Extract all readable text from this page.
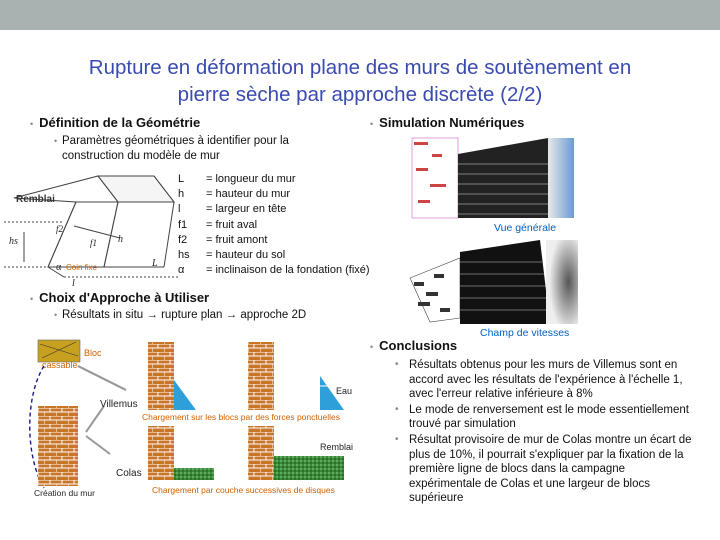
Rupture en déformation plane des murs de soutènement en
pierre sèche par approche discrète (2/2)
• Définition de la Géométrie
• Paramètres géométriques à identifier pour la
construction du modèle de mur
Remblai
hs
f2
f1 h
L
l
α Coin fixe
L = longueur du mur
h = hauteur du mur
l = largeur en tête
f1 = fruit aval
f2 = fruit amont
hs = hauteur du sol
α = inclinaison de la fondation (fixé)
• Choix d'Approche à Utiliser
• Résultats in situ → rupture plan → approche 2D
Bloc
cassable
Création du mur
Villemus
Eau
Chargement sur les blocs par des forces ponctuelles
Remblai
Colas
Chargement par couche successives de disques
• Simulation Numériques
Vue générale
Champ de vitesses
• Conclusions
• Résultats obtenus pour les murs de Villemus sont en accord avec les résultats de l'expérience à l'échelle 1, avec l'erreur relative inférieure à 8%
• Le mode de renversement est le mode essentiellement trouvé par simulation
• Résultat provisoire de mur de Colas montre un écart de plus de 10%, il pourrait s'expliquer par la fixation de la première ligne de blocs dans la campagne expérimentale de Colas et une largeur de blocs supérieure
